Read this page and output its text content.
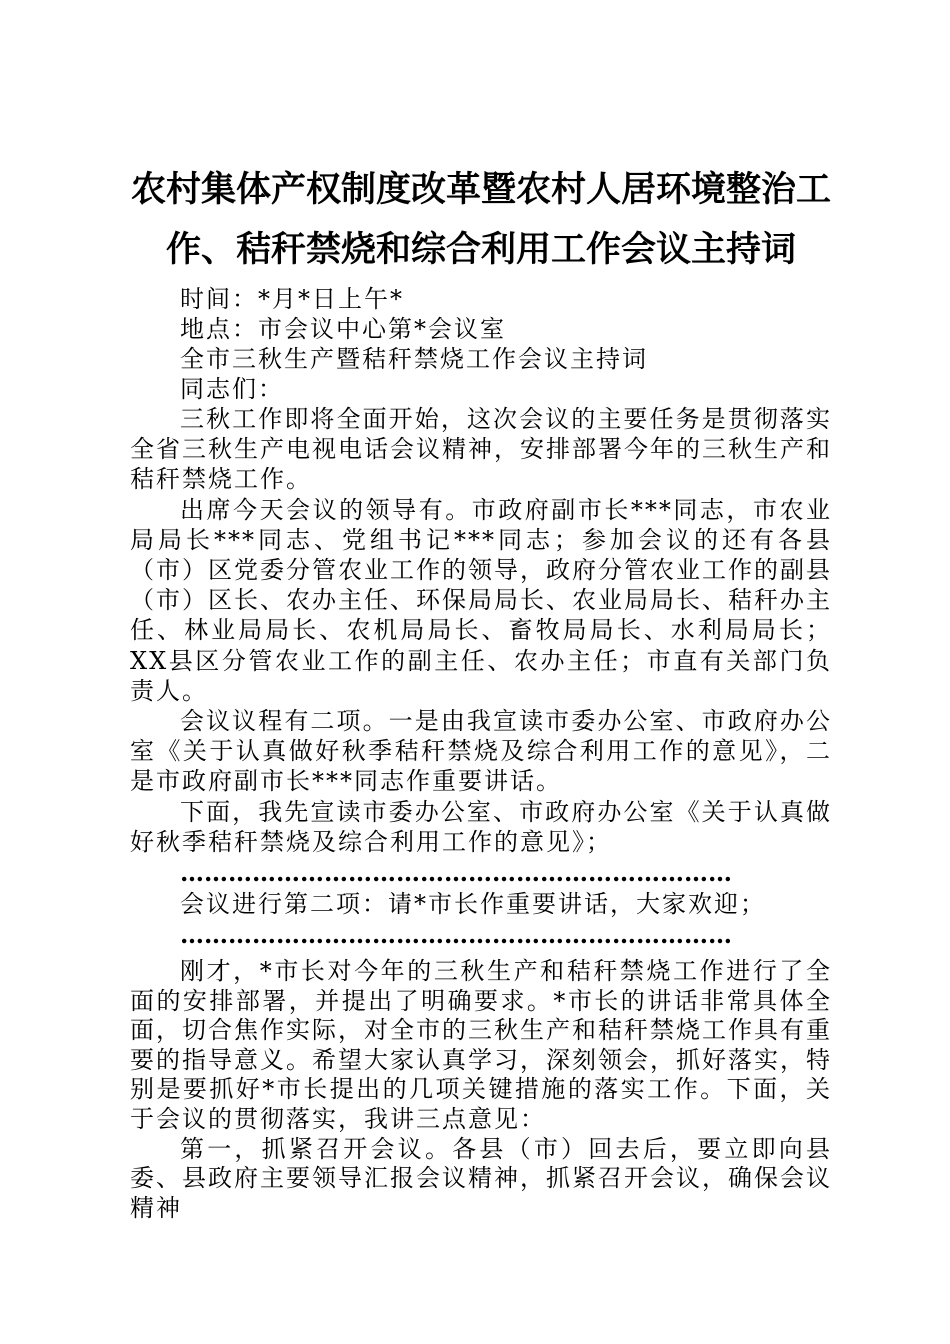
农村集体产权制度改革暨农村人居环境整治工
作、秸秆禁烧和综合利用工作会议主持词

时间：*月*日上午*

地点：市会议中心第*会议室

全市三秋生产暨秸秆禁烧工作会议主持词

同志们：

三秋工作即将全面开始，这次会议的主要任务是贯彻落实全省三秋生产电视电话会议精神，安排部署今年的三秋生产和秸秆禁烧工作。

出席今天会议的领导有。市政府副市长***同志，市农业局局长***同志、党组书记***同志；参加会议的还有各县（市）区党委分管农业工作的领导，政府分管农业工作的副县（市）区长、农办主任、环保局局长、农业局局长、秸秆办主任、林业局局长、农机局局长、畜牧局局长、水利局局长；XX县区分管农业工作的副主任、农办主任；市直有关部门负责人。

会议议程有二项。一是由我宣读市委办公室、市政府办公室《关于认真做好秋季秸秆禁烧及综合利用工作的意见》，二是市政府副市长***同志作重要讲话。

下面，我先宣读市委办公室、市政府办公室《关于认真做好秋季秸秆禁烧及综合利用工作的意见》；

……………………………………………………………

会议进行第二项：请*市长作重要讲话，大家欢迎；

……………………………………………………………

刚才，*市长对今年的三秋生产和秸秆禁烧工作进行了全面的安排部署，并提出了明确要求。*市长的讲话非常具体全面，切合焦作实际，对全市的三秋生产和秸秆禁烧工作具有重要的指导意义。希望大家认真学习，深刻领会，抓好落实，特别是要抓好*市长提出的几项关键措施的落实工作。下面，关于会议的贯彻落实，我讲三点意见：

第一，抓紧召开会议。各县（市）回去后，要立即向县委、县政府主要领导汇报会议精神，抓紧召开会议，确保会议精神
